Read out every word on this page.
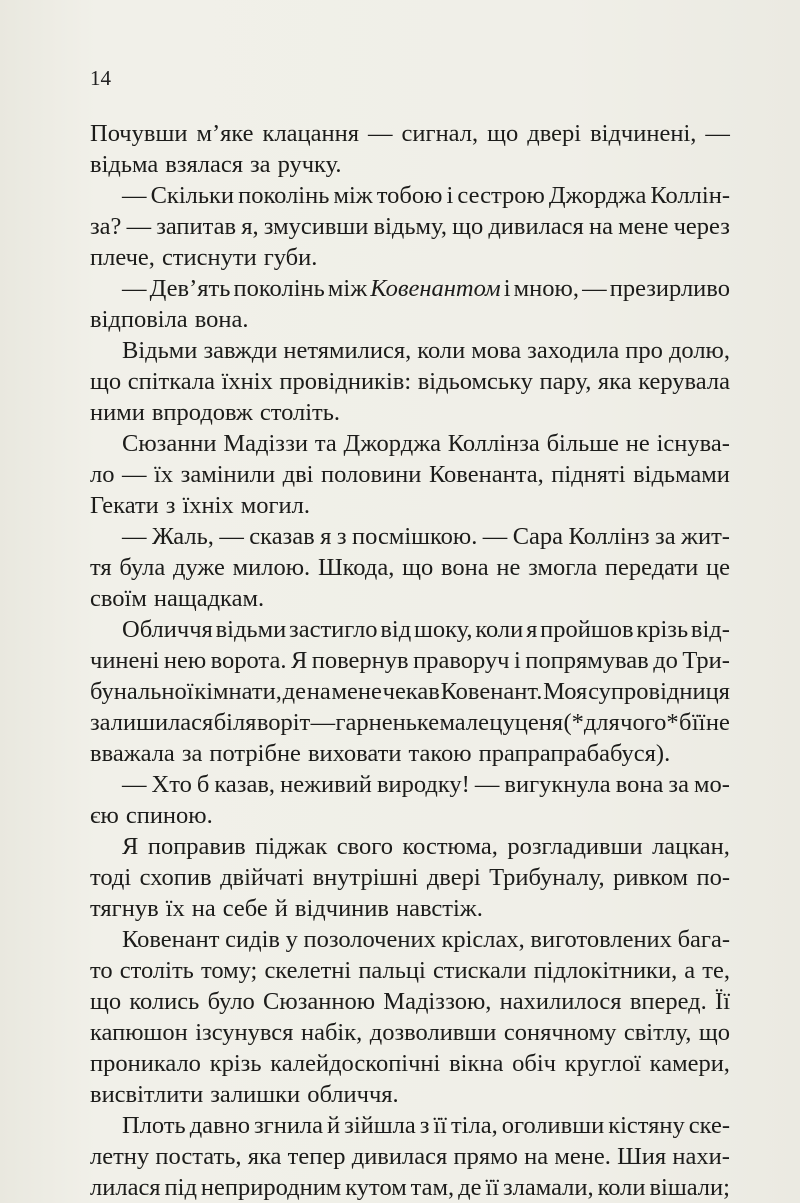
14
Почувши м’яке клацання — сигнал, що двері відчинені, —
відьма взялася за ручку.
— Скільки поколінь між тобою і сестрою Джорджа Коллін-
за? — запитав я, змусивши відьму, що дивилася на мене через
плече, стиснути губи.
— Дев’ять поколінь між Ковенантом і мною, — презирливо
відповіла вона.
Відьми завжди нетямилися, коли мова заходила про долю,
що спіткала їхніх провідників: відьомську пару, яка керувала
ними впродовж століть.
Сюзанни Мадіззи та Джорджа Коллінза більше не існува-
ло — їх замінили дві половини Ковенанта, підняті відьмами
Гекати з їхніх могил.
— Жаль, — сказав я з посмішкою. — Сара Коллінз за жит-
тя була дуже милою. Шкода, що вона не змогла передати це
своїм нащадкам.
Обличчя відьми застигло від шоку, коли я пройшов крізь від-
чинені нею ворота. Я повернув праворуч і попрямував до Три-
бунальної кімнати, де на мене чекав Ковенант. Моя супровідниця
залишилася біля воріт — гарненьке мале цуценя (*для чого* б її не
вважала за потрібне виховати такою прапрапрабабуся).
— Хто б казав, неживий виродку! — вигукнула вона за мо-
єю спиною.
Я поправив піджак свого костюма, розгладивши лацкан,
тоді схопив двійчаті внутрішні двері Трибуналу, ривком по-
тягнув їх на себе й відчинив навстіж.
Ковенант сидів у позолочених кріслах, виготовлених бага-
то століть тому; скелетні пальці стискали підлокітники, а те,
що колись було Сюзанною Мадіззою, нахилилося вперед. Її
капюшон ізсунувся набік, дозволивши сонячному світлу, що
проникало крізь калейдоскопічні вікна обіч круглої камери,
висвітлити залишки обличчя.
Плоть давно згнила й зійшла з її тіла, оголивши кістяну ске-
летну постать, яка тепер дивилася прямо на мене. Шия нахи-
лилася під неприродним кутом там, де її зламали, коли вішали;
